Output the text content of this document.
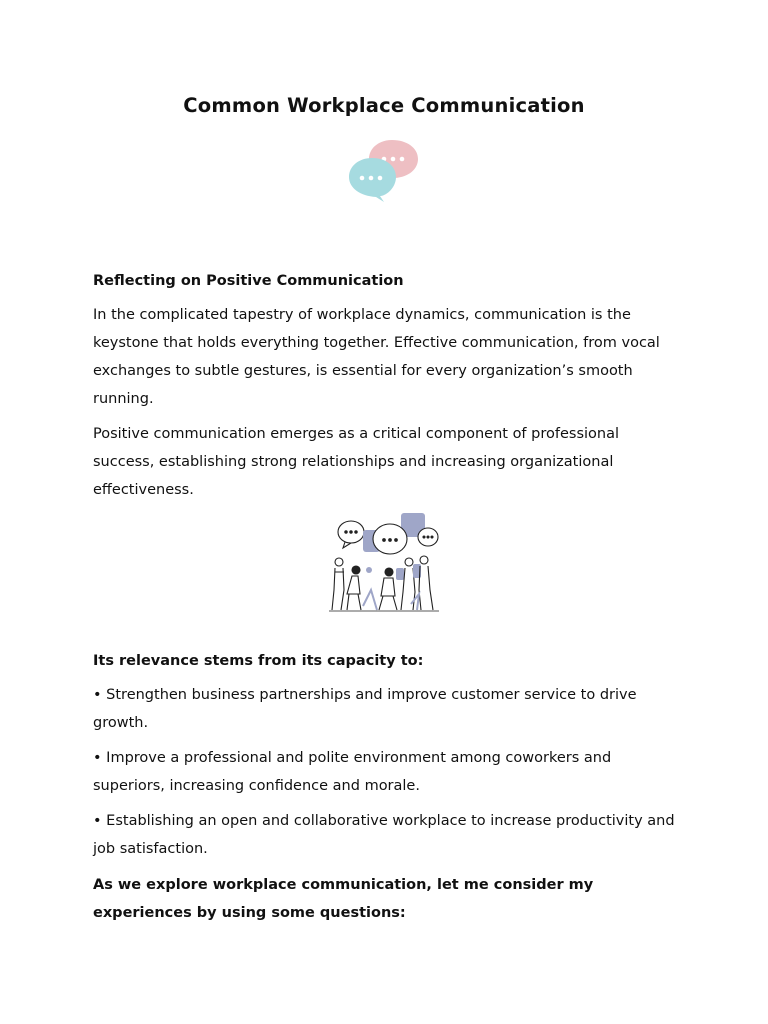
Common Workplace Communication
Reflecting on Positive Communication
In the complicated tapestry of workplace dynamics, communication is the keystone that holds everything together. Effective communication, from vocal exchanges to subtle gestures, is essential for every organization’s smooth running.
Positive communication emerges as a critical component of professional success, establishing strong relationships and increasing organizational effectiveness.
Its relevance stems from its capacity to:
• Strengthen business partnerships and improve customer service to drive growth.
• Improve a professional and polite environment among coworkers and superiors, increasing confidence and morale.
• Establishing an open and collaborative workplace to increase productivity and job satisfaction.
As we explore workplace communication, let me consider my experiences by using some questions:
